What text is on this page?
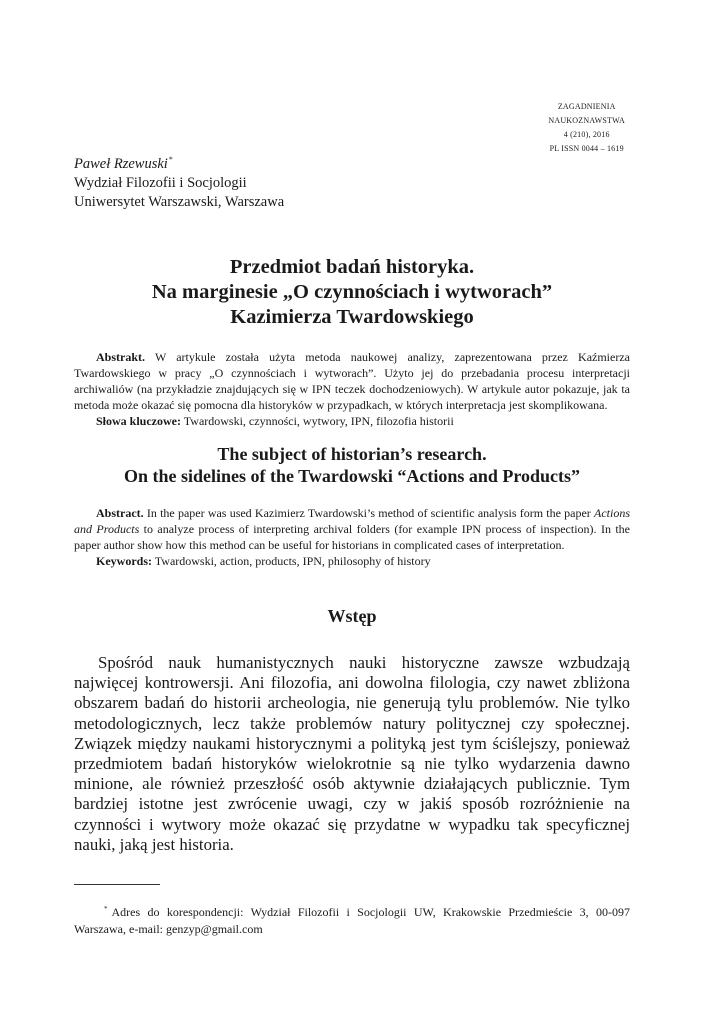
ZAGADNIENIA
NAUKOZNAWSTWA
4 (210), 2016
PL ISSN 0044 – 1619
Paweł Rzewuski*
Wydział Filozofii i Socjologii
Uniwersytet Warszawski, Warszawa
Przedmiot badań historyka.
Na marginesie „O czynnościach i wytworach”
Kazimierza Twardowskiego
Abstrakt. W artykule została użyta metoda naukowej analizy, zaprezentowana przez Kaźmierza Twardowskiego w pracy „O czynnościach i wytworach”. Użyto jej do przebadania procesu interpretacji archiwaliów (na przykładzie znajdujących się w IPN teczek dochodzeniowych). W artykule autor pokazuje, jak ta metoda może okazać się pomocna dla historyków w przypadkach, w których interpretacja jest skomplikowana.
Słowa kluczowe: Twardowski, czynności, wytwory, IPN, filozofia historii
The subject of historian’s research.
On the sidelines of the Twardowski “Actions and Products”
Abstract. In the paper was used Kazimierz Twardowski’s method of scientific analysis form the paper Actions and Products to analyze process of interpreting archival folders (for example IPN process of inspection). In the paper author show how this method can be useful for historians in complicated cases of interpretation.
Keywords: Twardowski, action, products, IPN, philosophy of history
Wstęp
Spośród nauk humanistycznych nauki historyczne zawsze wzbudzają najwięcej kontrowersji. Ani filozofia, ani dowolna filologia, czy nawet zbliżona obszarem badań do historii archeologia, nie generują tylu problemów. Nie tylko metodologicznych, lecz także problemów natury politycznej czy społecznej. Związek między naukami historycznymi a polityką jest tym ściślejszy, ponieważ przedmiotem badań historyków wielokrotnie są nie tylko wydarzenia dawno minione, ale również przeszłość osób aktywnie działających publicznie. Tym bardziej istotne jest zwrócenie uwagi, czy w jakiś sposób rozróżnienie na czynności i wytwory może okazać się przydatne w wypadku tak specyficznej nauki, jaką jest historia.
* Adres do korespondencji: Wydział Filozofii i Socjologii UW, Krakowskie Przedmieście 3, 00-097 Warszawa, e-mail: genzyp@gmail.com
